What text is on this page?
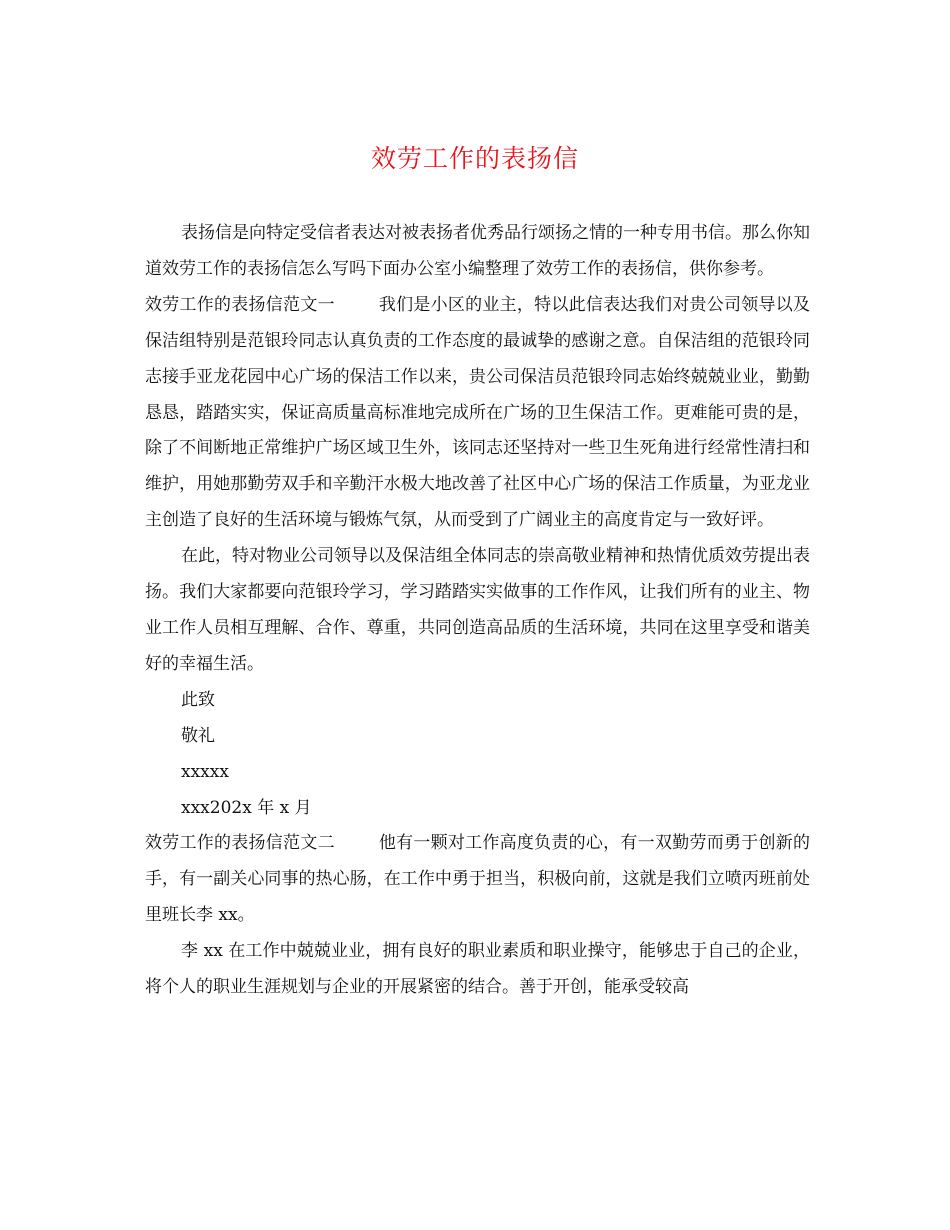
效劳工作的表扬信

表扬信是向特定受信者表达对被表扬者优秀品行颂扬之情的一种专用书信。那么你知道效劳工作的表扬信怎么写吗下面办公室小编整理了效劳工作的表扬信，供你参考。

效劳工作的表扬信范文一	我们是小区的业主，特以此信表达我们对贵公司领导以及保洁组特别是范银玲同志认真负责的工作态度的最诚挚的感谢之意。自保洁组的范银玲同志接手亚龙花园中心广场的保洁工作以来，贵公司保洁员范银玲同志始终兢兢业业，勤勤恳恳，踏踏实实，保证高质量高标准地完成所在广场的卫生保洁工作。更难能可贵的是，除了不间断地正常维护广场区域卫生外，该同志还坚持对一些卫生死角进行经常性清扫和维护，用她那勤劳双手和辛勤汗水极大地改善了社区中心广场的保洁工作质量，为亚龙业主创造了良好的生活环境与锻炼气氛，从而受到了广阔业主的高度肯定与一致好评。

在此，特对物业公司领导以及保洁组全体同志的崇高敬业精神和热情优质效劳提出表扬。我们大家都要向范银玲学习，学习踏踏实实做事的工作作风，让我们所有的业主、物业工作人员相互理解、合作、尊重，共同创造高品质的生活环境，共同在这里享受和谐美好的幸福生活。

此致

敬礼

xxxxx

xxx202x 年 x 月

效劳工作的表扬信范文二	他有一颗对工作高度负责的心，有一双勤劳而勇于创新的手，有一副关心同事的热心肠，在工作中勇于担当，积极向前，这就是我们立喷丙班前处里班长李 xx。

李 xx 在工作中兢兢业业，拥有良好的职业素质和职业操守，能够忠于自己的企业，将个人的职业生涯规划与企业的开展紧密的结合。善于开创，能承受较高
